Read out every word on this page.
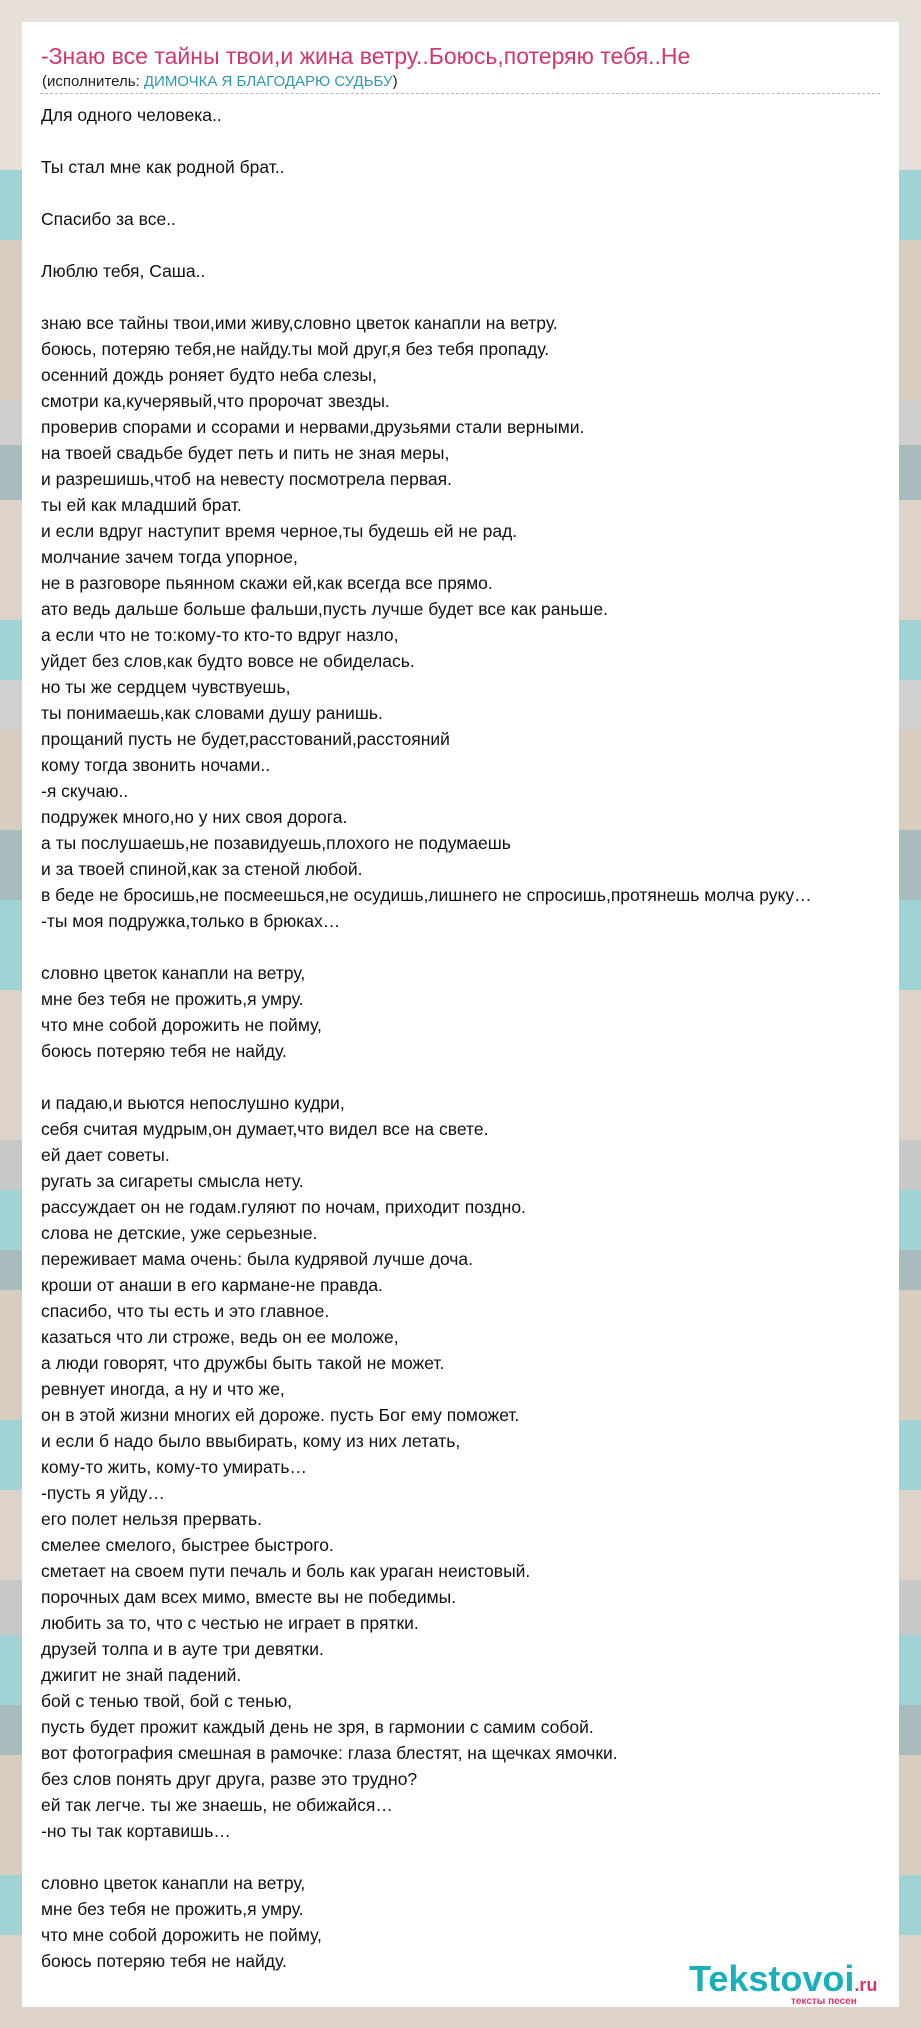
-Знаю все тайны твои,и жина ветру..Боюсь,потеряю тебя..Не
(исполнитель: ДИМОЧКА Я БЛАГОДАРЮ СУДЬБУ)
Для одного человека..
Ты стал мне как родной брат..
Спасибо за все..
Люблю тебя, Саша..
знаю все тайны твои,ими живу,словно цветок канапли на ветру.
боюсь, потеряю тебя,не найду.ты мой друг,я без тебя пропаду.
осенний дождь роняет будто неба слезы,
смотри ка,кучерявый,что пророчат звезды.
проверив спорами и ссорами и нервами,друзьями стали верными.
на твоей свадьбе будет петь и пить не зная меры,
и разрешишь,чтоб на невесту посмотрела первая.
ты ей как младший брат.
и если вдруг наступит время черное,ты будешь ей не рад.
молчание зачем тогда упорное,
не в разговоре пьянном скажи ей,как всегда все прямо.
ато ведь дальше больше фальши,пусть лучше будет все как раньше.
а если что не то:кому-то кто-то вдруг назло,
уйдет без слов,как будто вовсе не обиделась.
но ты же сердцем чувствуешь,
ты понимаешь,как словами душу ранишь.
прощаний пусть не будет,расстований,расстояний
кому тогда звонить ночами..
-я скучаю..
подружек много,но у них своя дорога.
а ты послушаешь,не позавидуешь,плохого не подумаешь
и за твоей спиной,как за стеной любой.
в беде не бросишь,не посмеешься,не осудишь,лишнего не спросишь,протянешь молча руку…
-ты моя подружка,только в брюках…
словно цветок канапли на ветру,
мне без тебя не прожить,я умру.
что мне собой дорожить не пойму,
боюсь потеряю тебя не найду.
и падаю,и вьются непослушно кудри,
себя считая мудрым,он думает,что видел все на свете.
ей дает советы.
ругать за сигареты смысла нету.
рассуждает он не годам.гуляют по ночам, приходит поздно.
слова не детские, уже серьезные.
переживает мама очень: была кудрявой лучше доча.
кроши от анаши в его кармане-не правда.
спасибо, что ты есть и это главное.
казаться что ли строже, ведь он ее моложе,
а люди говорят, что дружбы быть такой не может.
ревнует иногда, а ну и что же,
он в этой жизни многих ей дороже. пусть Бог ему поможет.
и если б надо было ввыбирать, кому из них летать,
кому-то жить, кому-то умирать…
-пусть я уйду…
его полет нельзя прервать.
смелее смелого, быстрее быстрого.
сметает на своем пути печаль и боль как ураган неистовый.
порочных дам всех мимо, вместе вы не победимы.
любить за то, что с честью не играет в прятки.
друзей толпа и в ауте три девятки.
джигит не знай падений.
бой с тенью твой, бой с тенью,
пусть будет прожит каждый день не зря, в гармонии с самим собой.
вот фотография смешная в рамочке: глаза блестят, на щечках ямочки.
без слов понять друг друга, разве это трудно?
ей так легче. ты же знаешь, не обижайся…
-но ты так кортавишь…
словно цветок канапли на ветру,
мне без тебя не прожить,я умру.
что мне собой дорожить не пойму,
боюсь потеряю тебя не найду.	Tekstovoi.ru
тексты песен
